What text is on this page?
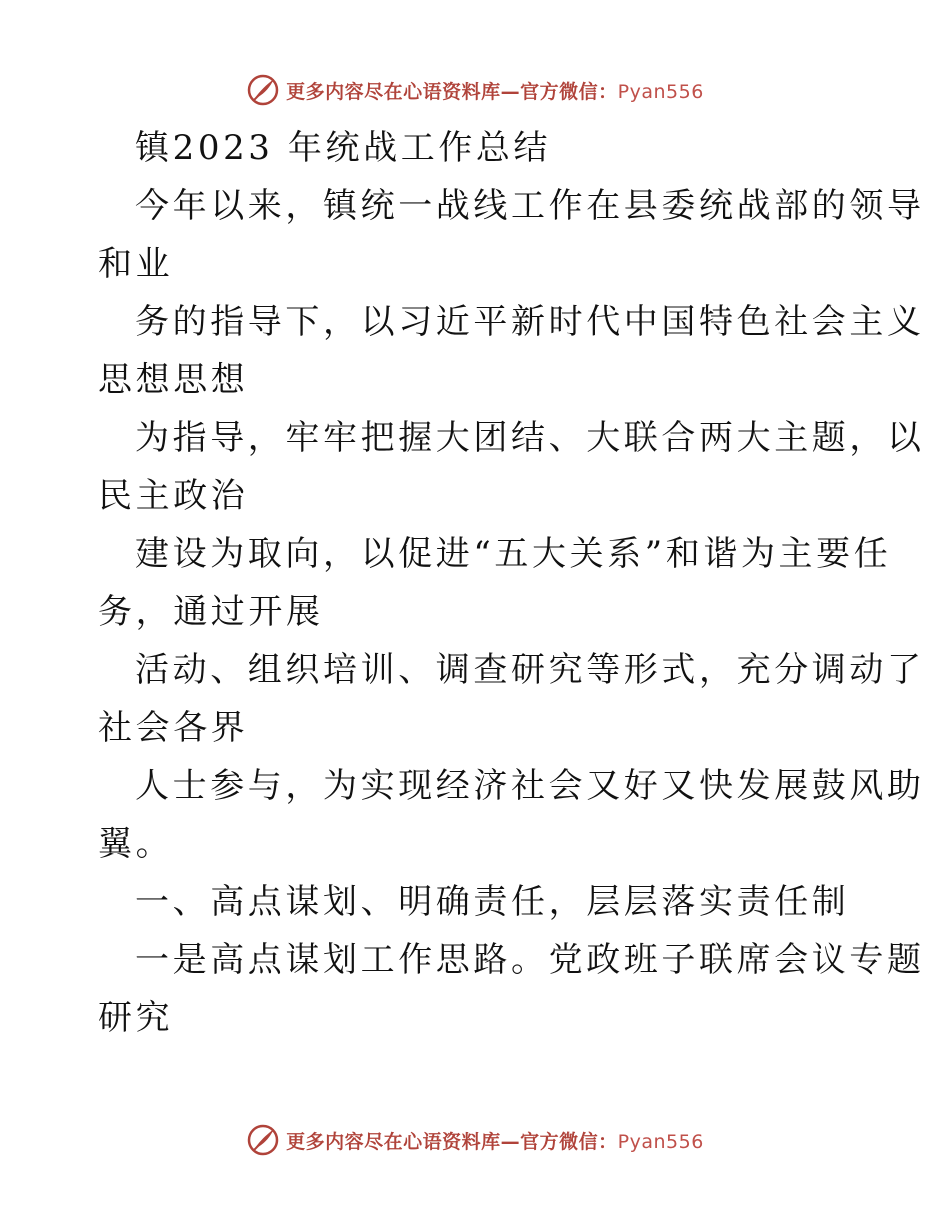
更多内容尽在心语资料库—官方微信：Pyan556
镇2023 年统战工作总结
今年以来，镇统一战线工作在县委统战部的领导
和业
务的指导下，以习近平新时代中国特色社会主义
思想思想
为指导，牢牢把握大团结、大联合两大主题，以
民主政治
建设为取向，以促进“五大关系”和谐为主要任
务，通过开展
活动、组织培训、调查研究等形式，充分调动了
社会各界
人士参与，为实现经济社会又好又快发展鼓风助
翼。
一、高点谋划、明确责任，层层落实责任制
一是高点谋划工作思路。党政班子联席会议专题
研究
更多内容尽在心语资料库—官方微信：Pyan556
